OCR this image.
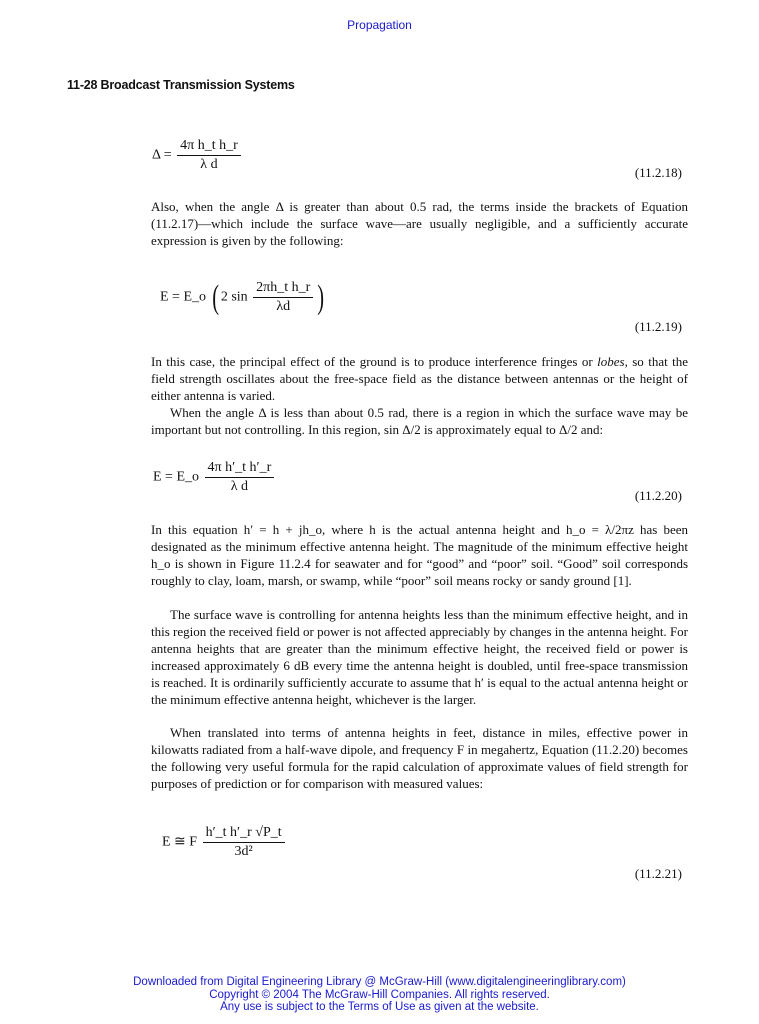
Propagation
11-28 Broadcast Transmission Systems
$\Delta = \frac{\text{4π h\_t h\_r}}{\text{λ d}}$	(11.2.18)

Also, when the angle Δ is greater than about 0.5 rad, the terms inside the brackets of Equation (11.2.17)—which include the surface wave—are usually negligible, and a sufficiently accurate expression is given by the following:

E = E_o ( 2 $\sin \frac{\text{2πh\_t h\_r}}{\lambda d}$ )
(11.2.19)

In this case, the principal effect of the ground is to produce interference fringes or lobes, so that the field strength oscillates about the free-space field as the distance between antennas or the height of either antenna is varied.

When the angle Δ is less than about 0.5 rad, there is a region in which the surface wave may be important but not controlling. In this region, sin Δ/2 is approximately equal to Δ/2 and:

E = E_o $\frac{\text{4π h′\_t h′\_r}}{\text{λ d}}$
(11.2.20)

In this equation h′ = h + jh_o, where h is the actual antenna height and h_o = λ/2πz has been designated as the minimum effective antenna height. The magnitude of the minimum effective height h_o is shown in Figure 11.2.4 for seawater and for “good” and “poor” soil. “Good” soil corresponds roughly to clay, loam, marsh, or swamp, while “poor” soil means rocky or sandy ground [1].

The surface wave is controlling for antenna heights less than the minimum effective height, and in this region the received field or power is not affected appreciably by changes in the antenna height. For antenna heights that are greater than the minimum effective height, the received field or power is increased approximately 6 dB every time the antenna height is doubled, until free-space transmission is reached. It is ordinarily sufficiently accurate to assume that h′ is equal to the actual antenna height or the minimum effective antenna height, whichever is the larger.

When translated into terms of antenna heights in feet, distance in miles, effective power in kilowatts radiated from a half-wave dipole, and frequency F in megahertz, Equation (11.2.20) becomes the following very useful formula for the rapid calculation of approximate values of field strength for purposes of prediction or for comparison with measured values:

E ≅ F $\frac{\text{h′\_t h′\_r √P\_t}}{\text{3d²}}$
(11.2.21)
Downloaded from Digital Engineering Library @ McGraw-Hill (www.digitalengineeringlibrary.com)
Copyright © 2004 The McGraw-Hill Companies. All rights reserved.
Any use is subject to the Terms of Use as given at the website.
